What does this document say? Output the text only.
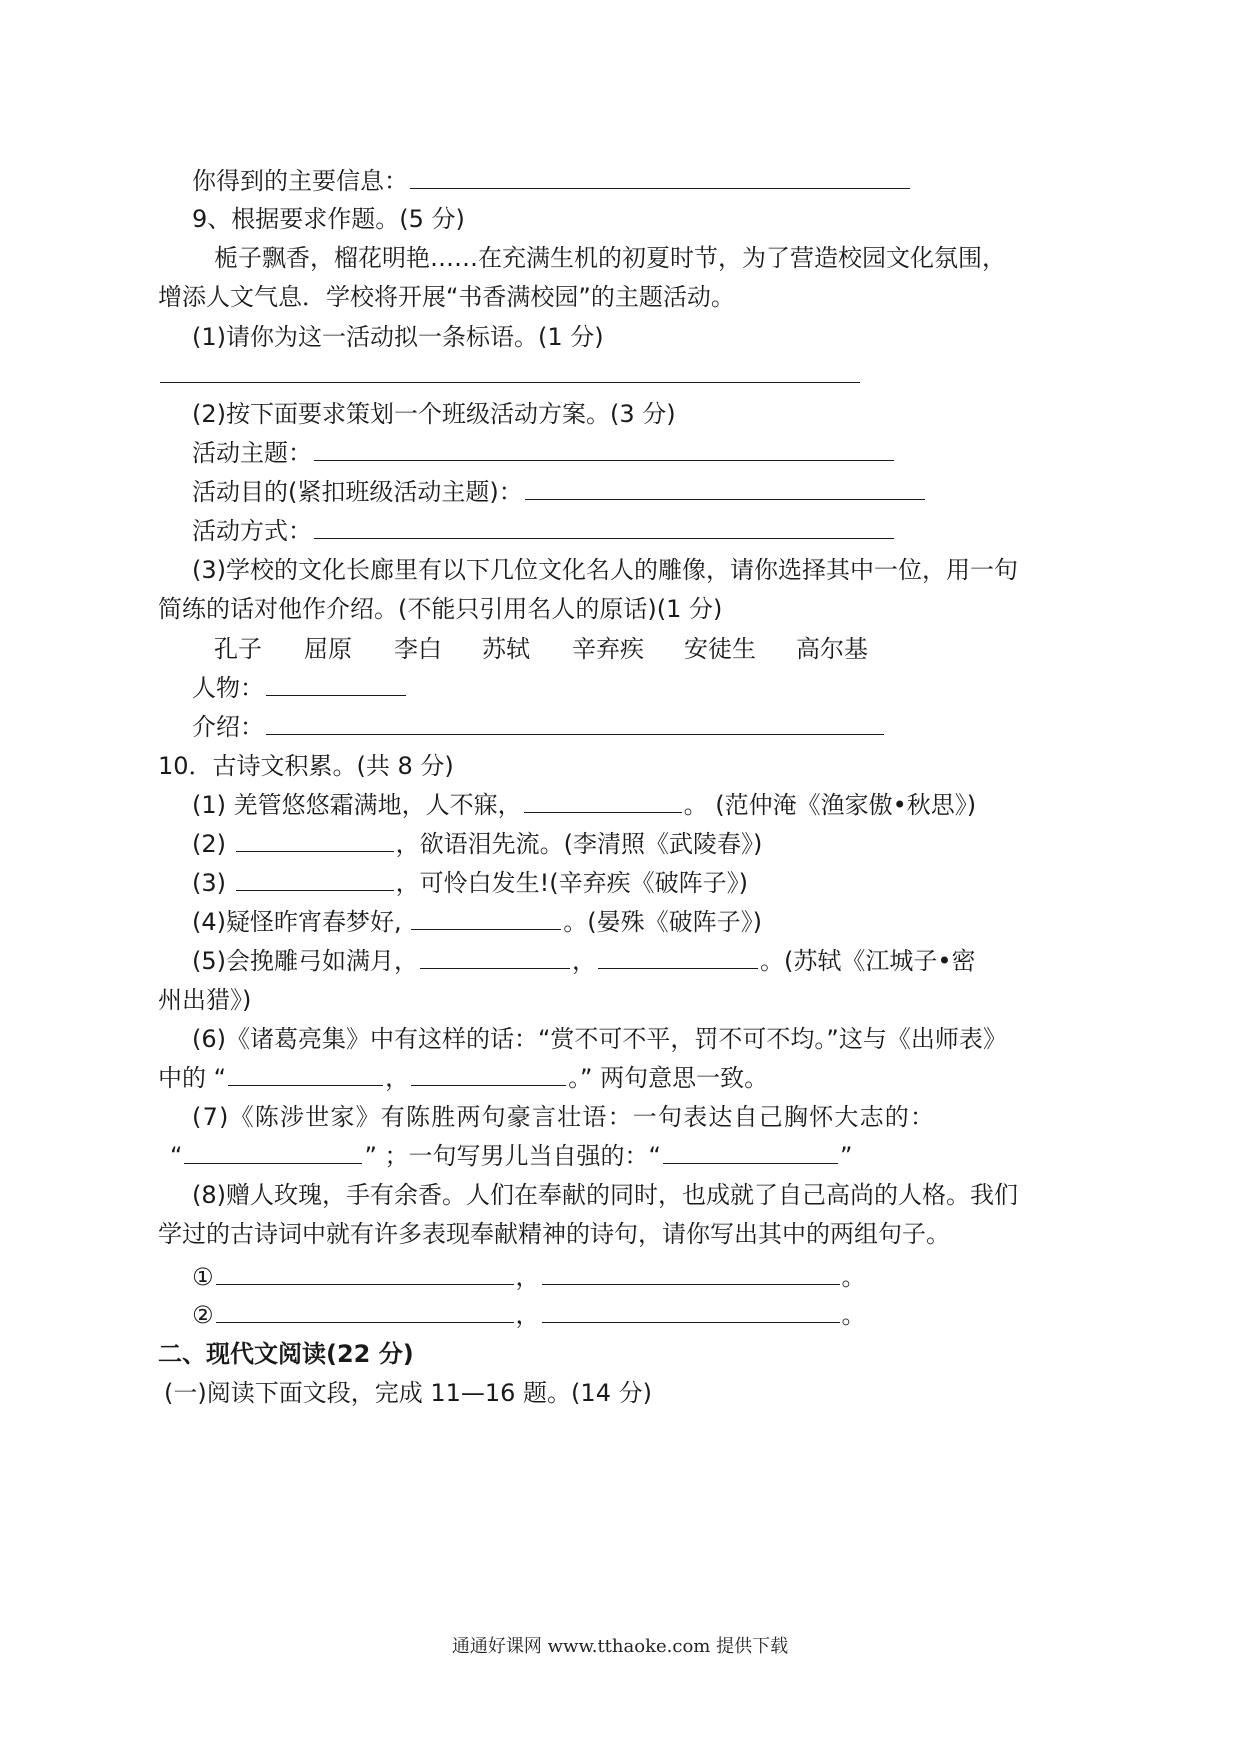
你得到的主要信息：
9、根据要求作题。(5 分)
栀子飘香，榴花明艳……在充满生机的初夏时节，为了营造校园文化氛围，
增添人文气息．学校将开展“书香满校园”的主题活动。
(1)请你为这一活动拟一条标语。(1 分)
(2)按下面要求策划一个班级活动方案。(3 分)
活动主题：
活动目的(紧扣班级活动主题)：
活动方式：
(3)学校的文化长廊里有以下几位文化名人的雕像，请你选择其中一位，用一句
简练的话对他作介绍。(不能只引用名人的原话)(1 分)
孔子 屈原 李白 苏轼 辛弃疾 安徒生 高尔基
人物：
介绍：
10．古诗文积累。(共 8 分)
(1) 羌管悠悠霜满地，人不寐，	。 (范仲淹《渔家傲•秋思》)
(2)	，欲语泪先流。(李清照《武陵春》)
(3)	，可怜白发生!(辛弃疾《破阵子》)
(4)疑怪昨宵春梦好,	。(晏殊《破阵子》)
(5)会挽雕弓如满月，	，	。(苏轼《江城子•密
州出猎》)
(6)《诸葛亮集》中有这样的话：“赏不可不平，罚不可不均。”这与《出师表》
中的 “	，	。” 两句意思一致。
(7)《陈涉世家》有陈胜两句豪言壮语：一句表达自己胸怀大志的：
“	” ；一句写男儿当自强的：“	”
(8)赠人玫瑰，手有余香。人们在奉献的同时，也成就了自己高尚的人格。我们
学过的古诗词中就有许多表现奉献精神的诗句，请你写出其中的两组句子。
①	，	。
②	，	。
二、现代文阅读(22 分)
(一)阅读下面文段，完成 11—16 题。(14 分)
通通好课网 www.tthaoke.com 提供下载
